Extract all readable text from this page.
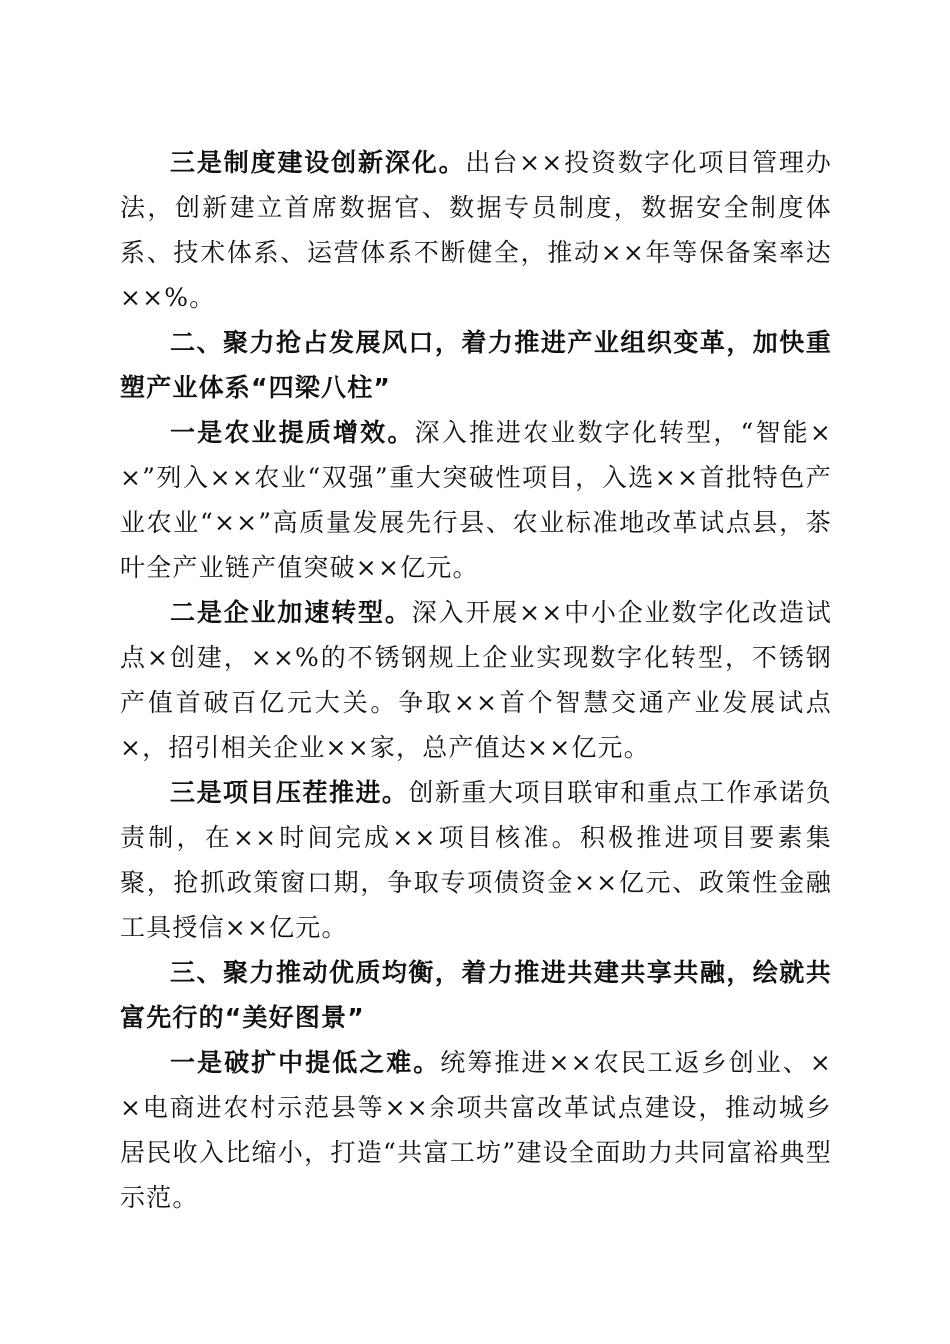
三是制度建设创新深化。出台××投资数字化项目管理办法，创新建立首席数据官、数据专员制度，数据安全制度体系、技术体系、运营体系不断健全，推动××年等保备案率达××%。

二、聚力抢占发展风口，着力推进产业组织变革，加快重塑产业体系“四梁八柱”

一是农业提质增效。深入推进农业数字化转型，“智能××”列入××农业“双强”重大突破性项目，入选××首批特色产业农业“××”高质量发展先行县、农业标准地改革试点县，茶叶全产业链产值突破××亿元。

二是企业加速转型。深入开展××中小企业数字化改造试点×创建，××%的不锈钢规上企业实现数字化转型，不锈钢产值首破百亿元大关。争取××首个智慧交通产业发展试点×，招引相关企业××家，总产值达××亿元。

三是项目压茬推进。创新重大项目联审和重点工作承诺负责制，在××时间完成××项目核准。积极推进项目要素集聚，抢抓政策窗口期，争取专项债资金××亿元、政策性金融工具授信××亿元。

三、聚力推动优质均衡，着力推进共建共享共融，绘就共富先行的“美好图景”

一是破扩中提低之难。统筹推进××农民工返乡创业、××电商进农村示范县等××余项共富改革试点建设，推动城乡居民收入比缩小，打造“共富工坊”建设全面助力共同富裕典型示范。
